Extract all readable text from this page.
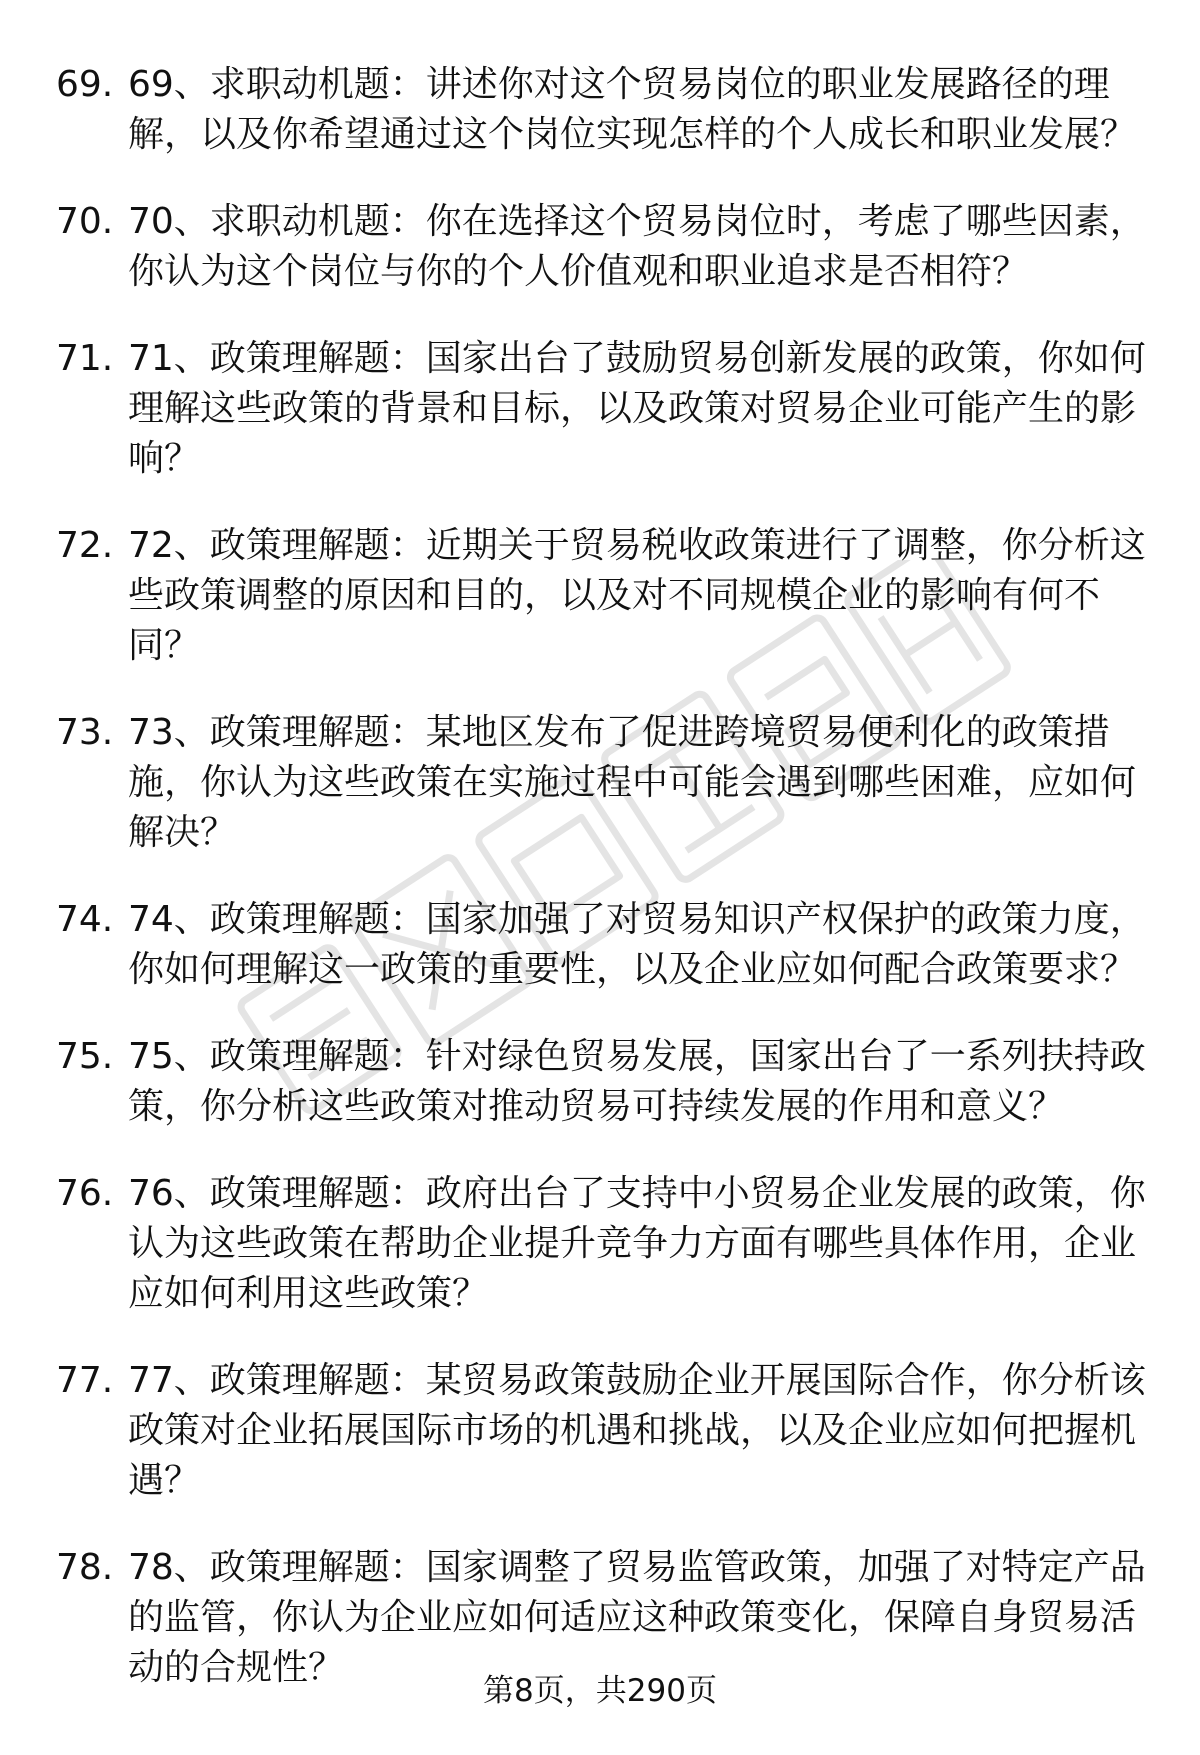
69. 69、求职动机题：讲述你对这个贸易岗位的职业发展路径的理解，以及你希望通过这个岗位实现怎样的个人成长和职业发展？
70. 70、求职动机题：你在选择这个贸易岗位时，考虑了哪些因素，你认为这个岗位与你的个人价值观和职业追求是否相符？
71. 71、政策理解题：国家出台了鼓励贸易创新发展的政策，你如何理解这些政策的背景和目标，以及政策对贸易企业可能产生的影响？
72. 72、政策理解题：近期关于贸易税收政策进行了调整，你分析这些政策调整的原因和目的，以及对不同规模企业的影响有何不同？
73. 73、政策理解题：某地区发布了促进跨境贸易便利化的政策措施，你认为这些政策在实施过程中可能会遇到哪些困难，应如何解决？
74. 74、政策理解题：国家加强了对贸易知识产权保护的政策力度，你如何理解这一政策的重要性，以及企业应如何配合政策要求？
75. 75、政策理解题：针对绿色贸易发展，国家出台了一系列扶持政策，你分析这些政策对推动贸易可持续发展的作用和意义？
76. 76、政策理解题：政府出台了支持中小贸易企业发展的政策，你认为这些政策在帮助企业提升竞争力方面有哪些具体作用，企业应如何利用这些政策？
77. 77、政策理解题：某贸易政策鼓励企业开展国际合作，你分析该政策对企业拓展国际市场的机遇和挑战，以及企业应如何把握机遇？
78. 78、政策理解题：国家调整了贸易监管政策，加强了对特定产品的监管，你认为企业应如何适应这种政策变化，保障自身贸易活动的合规性？
第8页，共290页
